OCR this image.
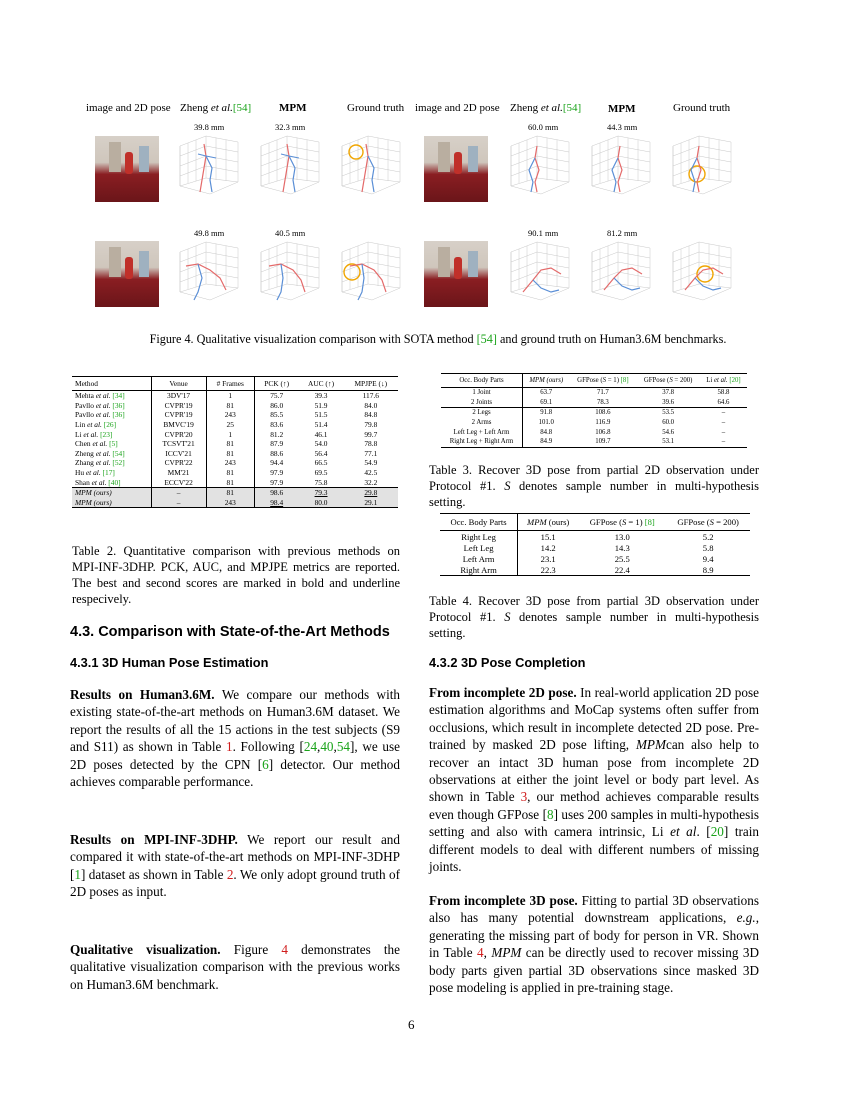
image and 2D pose Zheng et al.[54]	MPM	Ground truth image and 2D pose Zheng et al.[54] MPM	Ground truth
39.8 mm	32.3 mm	60.0 mm	44.3 mm
49.8 mm	40.5 mm	90.1 mm	81.2 mm
Figure 4. Qualitative visualization comparison with SOTA method [54] and ground truth on Human3.6M benchmarks.
Method	Venue	# Frames	PCK (↑)	AUC (↑)	MPJPE (↓)
Mehta et al. [34]	3DV'17	1	75.7	39.3	117.6
Pavllo et al. [36]	CVPR'19	81	86.0	51.9	84.0
Pavllo et al. [36]	CVPR'19	243	85.5	51.5	84.8
Lin et al. [26]	BMVC'19	25	83.6	51.4	79.8
Li et al. [23]	CVPR'20	1	81.2	46.1	99.7
Chen et al. [5]	TCSVT'21	81	87.9	54.0	78.8
Zheng et al. [54]	ICCV'21	81	88.6	56.4	77.1
Zhang et al. [52]	CVPR'22	243	94.4	66.5	54.9
Hu et al. [17]	MM'21	81	97.9	69.5	42.5
Shan et al. [40]	ECCV'22	81	97.9	75.8	32.2
MPM (ours)	–	81	98.6	79.3	29.8
MPM (ours)	–	243	98.4	80.0	29.1
Table 2. Quantitative comparison with previous methods on MPI-INF-3DHP. PCK, AUC, and MPJPE metrics are reported. The best and second scores are marked in bold and underline respecively.
Occ. Body Parts	MPM (ours)	GFPose (S = 1) [8]	GFPose (S = 200)	Li et al. [20]
1 Joint	63.7	71.7	37.8	58.8
2 Joints	69.1	78.3	39.6	64.6
2 Legs	91.8	108.6	53.5	–
2 Arms	101.0	116.9	60.0	–
Left Leg + Left Arm	84.8	106.8	54.6	–
Right Leg + Right Arm	84.9	109.7	53.1	–
Table 3. Recover 3D pose from partial 2D observation under Protocol #1. S denotes sample number in multi-hypothesis setting.
Occ. Body Parts	MPM (ours)	GFPose (S = 1) [8]	GFPose (S = 200)
Right Leg	15.1	13.0	5.2
Left Leg	14.2	14.3	5.8
Left Arm	23.1	25.5	9.4
Right Arm	22.3	22.4	8.9
Table 4. Recover 3D pose from partial 3D observation under Protocol #1. S denotes sample number in multi-hypothesis setting.
4.3. Comparison with State-of-the-Art Methods
4.3.1 3D Human Pose Estimation
Results on Human3.6M. We compare our methods with existing state-of-the-art methods on Human3.6M dataset. We report the results of all the 15 actions in the test subjects (S9 and S11) as shown in Table 1. Following [24,40,54], we use 2D poses detected by the CPN [6] detector. Our method achieves comparable performance.
Results on MPI-INF-3DHP. We report our result and compared it with state-of-the-art methods on MPI-INF-3DHP [1] dataset as shown in Table 2. We only adopt ground truth of 2D poses as input.
Qualitative visualization. Figure 4 demonstrates the qualitative visualization comparison with the previous works on Human3.6M benchmark.
4.3.2 3D Pose Completion
From incomplete 2D pose. In real-world application 2D pose estimation algorithms and MoCap systems often suffer from occlusions, which result in incomplete detected 2D pose. Pre-trained by masked 2D pose lifting, MPMcan also help to recover an intact 3D human pose from incomplete 2D observations at either the joint level or body part level. As shown in Table 3, our method achieves comparable results even though GFPose [8] uses 200 samples in multi-hypothesis setting and also with camera intrinsic, Li et al. [20] train different models to deal with different numbers of missing joints.
From incomplete 3D pose. Fitting to partial 3D observations also has many potential downstream applications, e.g., generating the missing part of body for person in VR. Shown in Table 4, MPM can be directly used to recover missing 3D body parts given partial 3D observations since masked 3D pose modeling is applied in pre-training stage.
6
